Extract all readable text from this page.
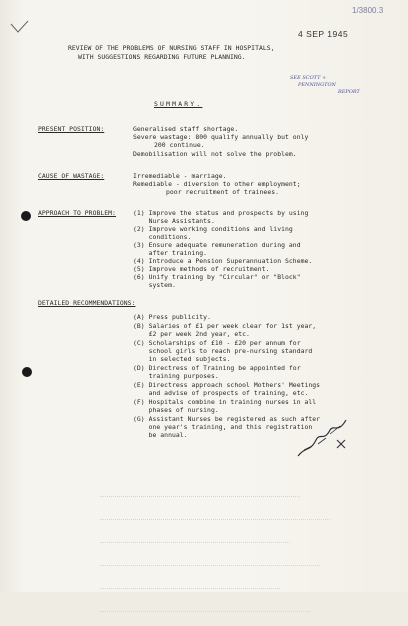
4 SEP 1945
1/3800.3
REVIEW OF THE PROBLEMS OF NURSING STAFF IN HOSPITALS,
WITH SUGGESTIONS REGARDING FUTURE PLANNING.
SEE SCOTT +
PENNINGTON
REPORT
SUMMARY.
PRESENT POSITION:	Generalised staff shortage.
Severe wastage: 800 qualify annually but only
200 continue.
Demobilisation will not solve the problem.
CAUSE OF WASTAGE:	Irremediable - marriage.
Remediable - diversion to other employment;
poor recruitment of trainees.
APPROACH TO PROBLEM:	(1) Improve the status and prospects by using
Nurse Assistants.
(2) Improve working conditions and living
conditions.
(3) Ensure adequate remuneration during and
after training.
(4) Introduce a Pension Superannuation Scheme.
(5) Improve methods of recruitment.
(6) Unify training by "Circular" or "Block"
system.
DETAILED RECOMMENDATIONS:
(A) Press publicity.
(B) Salaries of £1 per week clear for 1st year,
£2 per week 2nd year, etc.
(C) Scholarships of £10 - £20 per annum for
school girls to reach pre-nursing standard
in selected subjects.
(D) Directress of Training be appointed for
training purposes.
(E) Directress approach school Mothers' Meetings
and advise of prospects of training, etc.
(F) Hospitals combine in training nurses in all
phases of nursing.
(G) Assistant Nurses be registered as such after
one year's training, and this registration
be annual.
